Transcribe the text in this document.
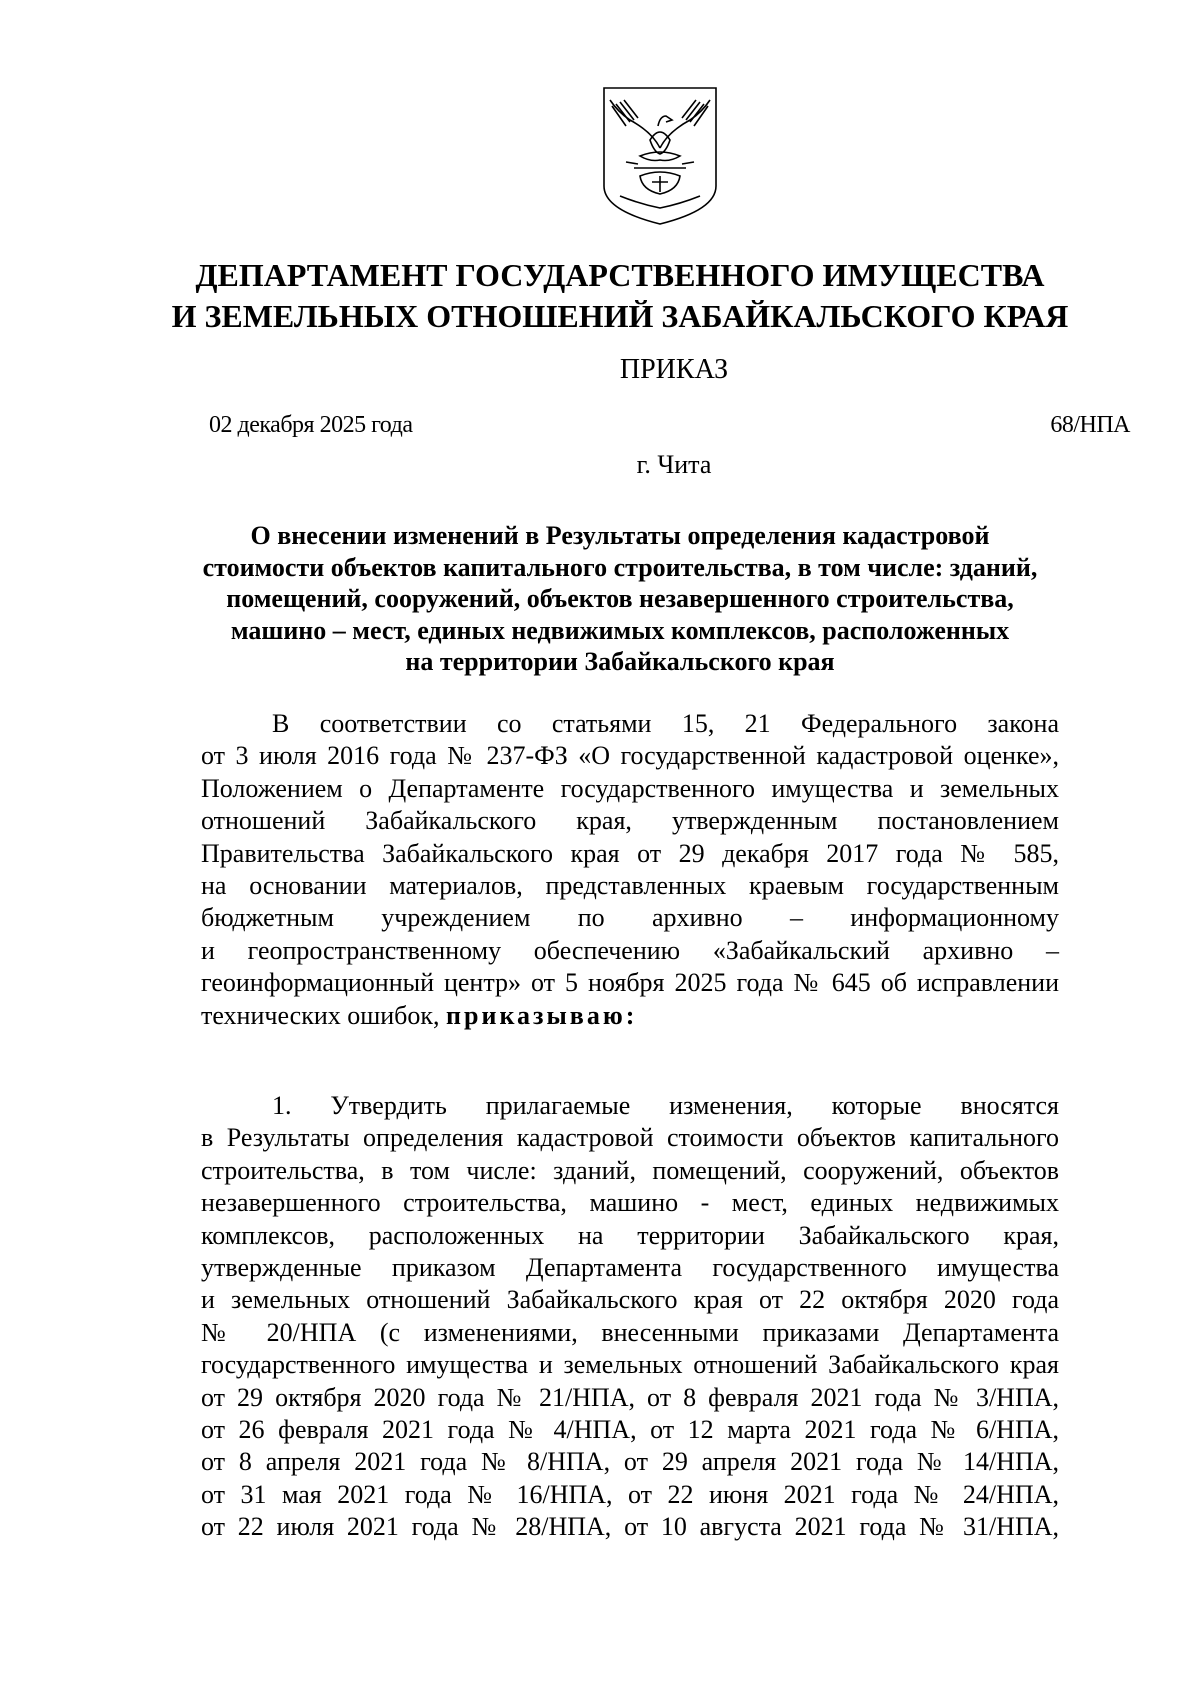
ДЕПАРТАМЕНТ ГОСУДАРСТВЕННОГО ИМУЩЕСТВА
И ЗЕМЕЛЬНЫХ ОТНОШЕНИЙ ЗАБАЙКАЛЬСКОГО КРАЯ
ПРИКАЗ
02 декабря 2025 года	68/НПА
г. Чита
О внесении изменений в Результаты определения кадастровой
стоимости объектов капитального строительства, в том числе: зданий,
помещений, сооружений, объектов незавершенного строительства,
машино – мест, единых недвижимых комплексов, расположенных
на территории Забайкальского края
В соответствии со статьями 15, 21 Федерального закона
от 3 июля 2016 года № 237-ФЗ «О государственной кадастровой оценке»,
Положением о Департаменте государственного имущества и земельных
отношений Забайкальского края, утвержденным постановлением
Правительства Забайкальского края от 29 декабря 2017 года № 585,
на основании материалов, представленных краевым государственным
бюджетным учреждением по архивно – информационному
и геопространственному обеспечению «Забайкальский архивно –
геоинформационный центр» от 5 ноября 2025 года № 645 об исправлении
технических ошибок, приказываю:
1. Утвердить прилагаемые изменения, которые вносятся
в Результаты определения кадастровой стоимости объектов капитального
строительства, в том числе: зданий, помещений, сооружений, объектов
незавершенного строительства, машино - мест, единых недвижимых
комплексов, расположенных на территории Забайкальского края,
утвержденные приказом Департамента государственного имущества
и земельных отношений Забайкальского края от 22 октября 2020 года
№ 20/НПА (с изменениями, внесенными приказами Департамента
государственного имущества и земельных отношений Забайкальского края
от 29 октября 2020 года № 21/НПА, от 8 февраля 2021 года № 3/НПА,
от 26 февраля 2021 года № 4/НПА, от 12 марта 2021 года № 6/НПА,
от 8 апреля 2021 года № 8/НПА, от 29 апреля 2021 года № 14/НПА,
от 31 мая 2021 года № 16/НПА, от 22 июня 2021 года № 24/НПА,
от 22 июля 2021 года № 28/НПА, от 10 августа 2021 года № 31/НПА,
